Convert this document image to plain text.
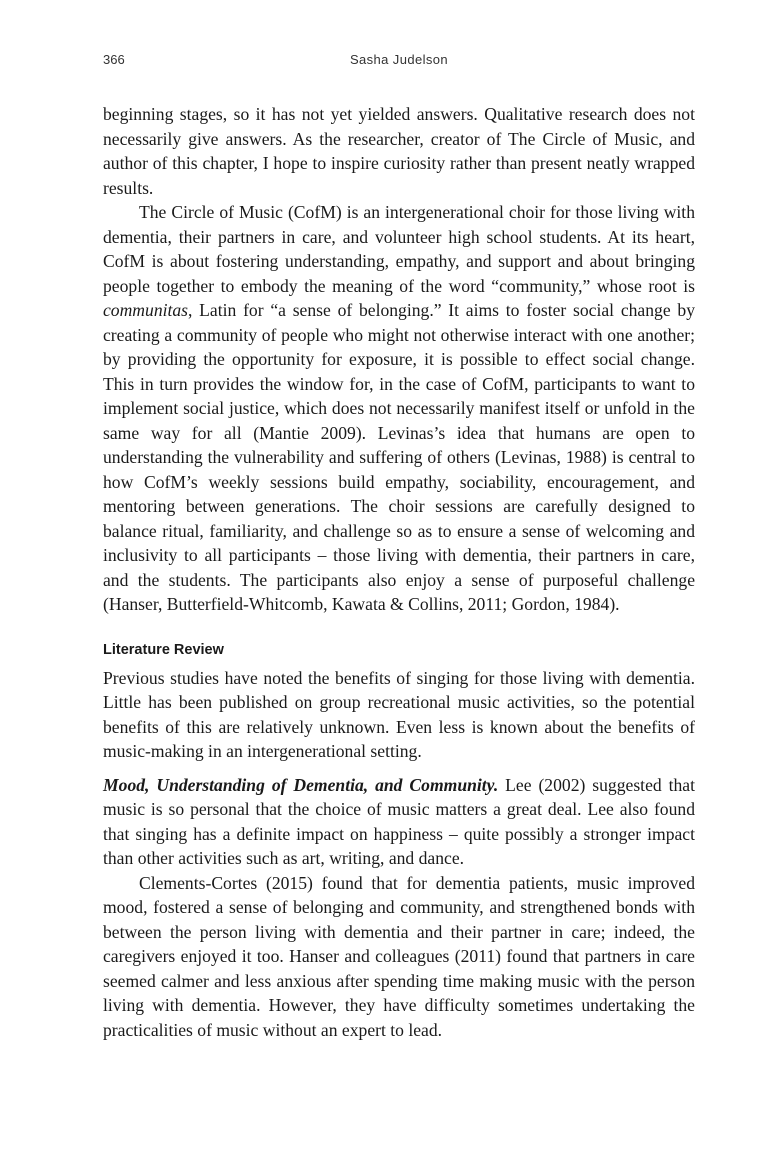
366	Sasha Judelson

beginning stages, so it has not yet yielded answers. Qualitative research does not necessarily give answers. As the researcher, creator of The Circle of Music, and author of this chapter, I hope to inspire curiosity rather than present neatly wrapped results.

The Circle of Music (CofM) is an intergenerational choir for those living with dementia, their partners in care, and volunteer high school students. At its heart, CofM is about fostering understanding, empathy, and support and about bringing people together to embody the meaning of the word “community,” whose root is communitas, Latin for “a sense of belonging.” It aims to foster social change by creating a community of people who might not otherwise interact with one another; by providing the opportunity for exposure, it is possible to effect social change. This in turn provides the window for, in the case of CofM, participants to want to implement social justice, which does not necessarily manifest itself or unfold in the same way for all (Mantie 2009). Levinas’s idea that humans are open to understanding the vulnerability and suffering of others (Levinas, 1988) is central to how CofM’s weekly sessions build empathy, sociability, encouragement, and mentoring between generations. The choir sessions are carefully designed to balance ritual, familiarity, and challenge so as to ensure a sense of welcoming and inclusivity to all participants – those living with dementia, their partners in care, and the students. The participants also enjoy a sense of purposeful challenge (Hanser, Butterfield-Whitcomb, Kawata & Collins, 2011; Gordon, 1984).

Literature Review

Previous studies have noted the benefits of singing for those living with dementia. Little has been published on group recreational music activities, so the potential benefits of this are relatively unknown. Even less is known about the benefits of music-making in an intergenerational setting.

Mood, Understanding of Dementia, and Community. Lee (2002) suggested that music is so personal that the choice of music matters a great deal. Lee also found that singing has a definite impact on happiness – quite possibly a stronger impact than other activities such as art, writing, and dance.

Clements-Cortes (2015) found that for dementia patients, music improved mood, fostered a sense of belonging and community, and strengthened bonds with between the person living with dementia and their partner in care; indeed, the caregivers enjoyed it too. Hanser and colleagues (2011) found that partners in care seemed calmer and less anxious after spending time making music with the person living with dementia. However, they have difficulty sometimes undertaking the practicalities of music without an expert to lead.
